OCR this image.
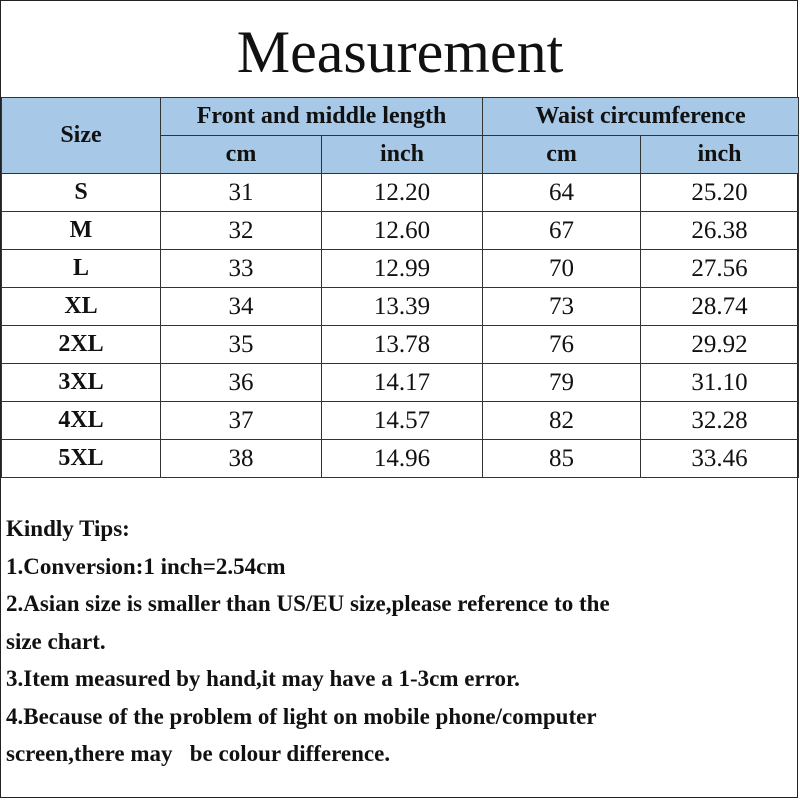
Measurement
Size	Front and middle length		Waist circumference	
	cm	inch	cm	inch
S	31	12.20	64	25.20
M	32	12.60	67	26.38
L	33	12.99	70	27.56
XL	34	13.39	73	28.74
2XL	35	13.78	76	29.92
3XL	36	14.17	79	31.10
4XL	37	14.57	82	32.28
5XL	38	14.96	85	33.46
Kindly Tips:
1.Conversion:1 inch=2.54cm
2.Asian size is smaller than US/EU size,please reference to the
size chart.
3.Item measured by hand,it may have a 1-3cm error.
4.Because of the problem of light on mobile phone/computer
screen,there may   be colour difference.
